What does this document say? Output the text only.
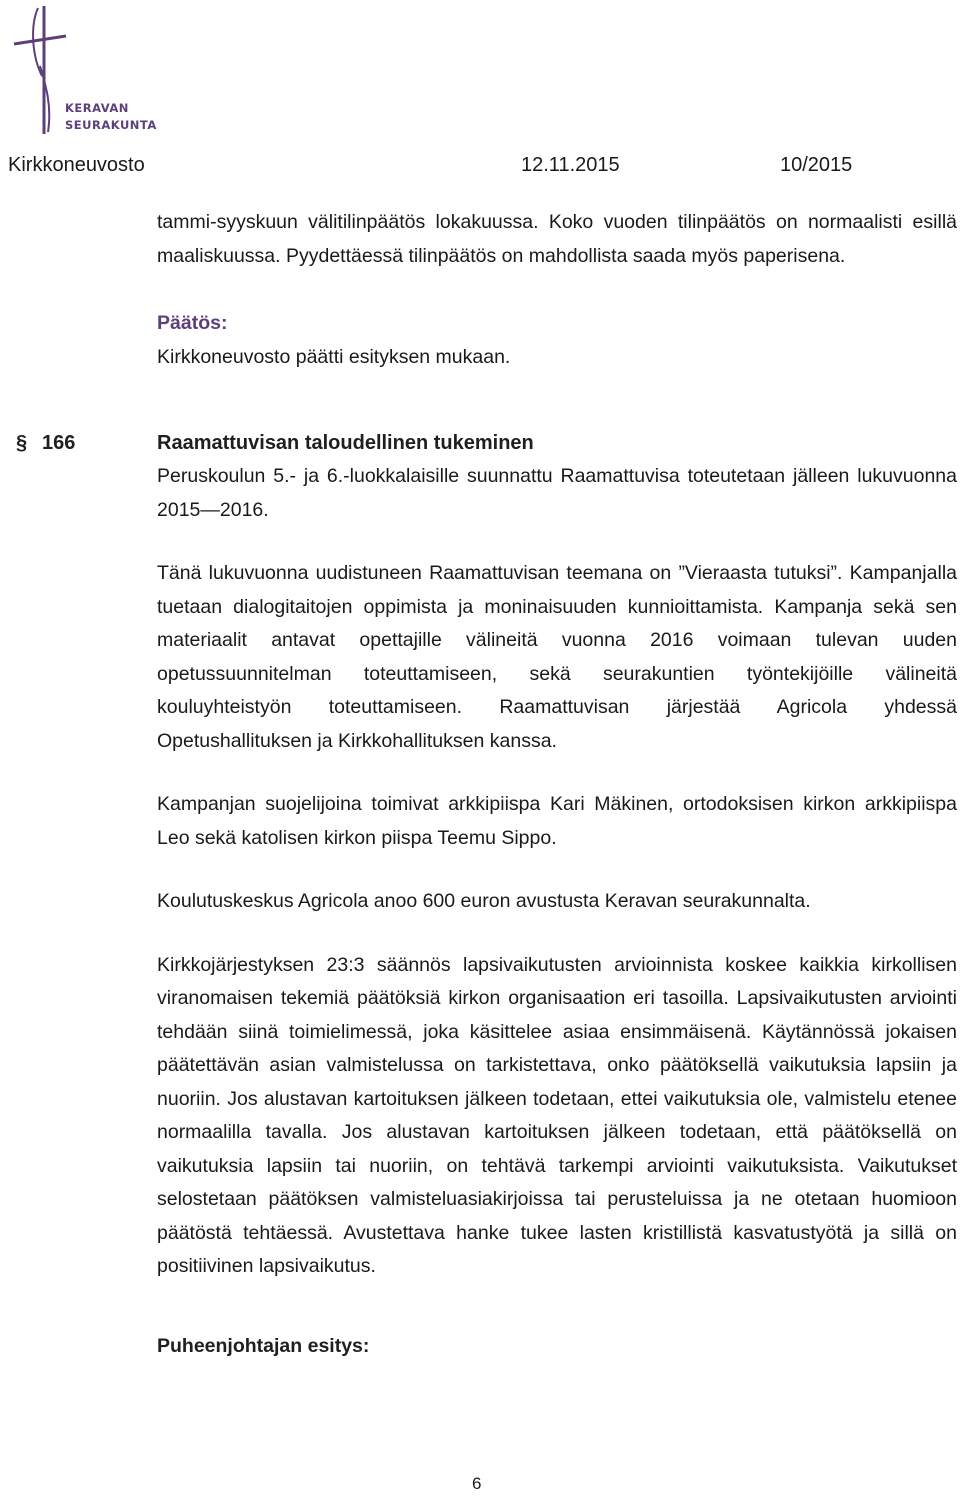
KERAVAN
SEURAKUNTA
Kirkkoneuvosto	12.11.2015	10/2015
§ 166	Raamattuvisan taloudellinen tukeminen

tammi-syyskuun välitilinpäätös lokakuussa. Koko vuoden tilinpäätös on normaalisti esillä maaliskuussa. Pyydettäessä tilinpäätös on mahdollista saada myös paperisena.

Päätös:

Kirkkoneuvosto päätti esityksen mukaan.

Peruskoulun 5.- ja 6.-luokkalaisille suunnattu Raamattuvisa toteutetaan jälleen lukuvuonna 2015—2016.

Tänä lukuvuonna uudistuneen Raamattuvisan teemana on ”Vieraasta tutuksi”. Kampanjalla tuetaan dialogitaitojen oppimista ja moninaisuuden kunnioittamista. Kampanja sekä sen materiaalit antavat opettajille välineitä vuonna 2016 voimaan tulevan uuden opetussuunnitelman toteuttamiseen, sekä seurakuntien työntekijöille välineitä kouluyhteistyön toteuttamiseen. Raamattuvisan järjestää Agricola yhdessä Opetushallituksen ja Kirkkohallituksen kanssa.

Kampanjan suojelijoina toimivat arkkipiispa Kari Mäkinen, ortodoksisen kirkon arkkipiispa Leo sekä katolisen kirkon piispa Teemu Sippo.

Koulutuskeskus Agricola anoo 600 euron avustusta Keravan seurakunnalta.

Kirkkojärjestyksen 23:3 säännös lapsivaikutusten arvioinnista koskee kaikkia kirkollisen viranomaisen tekemiä päätöksiä kirkon organisaation eri tasoilla. Lapsivaikutusten arviointi tehdään siinä toimielimessä, joka käsittelee asiaa ensimmäisenä. Käytännössä jokaisen päätettävän asian valmistelussa on tarkistettava, onko päätöksellä vaikutuksia lapsiin ja nuoriin. Jos alustavan kartoituksen jälkeen todetaan, ettei vaikutuksia ole, valmistelu etenee normaalilla tavalla. Jos alustavan kartoituksen jälkeen todetaan, että päätöksellä on vaikutuksia lapsiin tai nuoriin, on tehtävä tarkempi arviointi vaikutuksista. Vaikutukset selostetaan päätöksen valmisteluasiakirjoissa tai perusteluissa ja ne otetaan huomioon päätöstä tehtäessä. Avustettava hanke tukee lasten kristillistä kasvatustyötä ja sillä on positiivinen lapsivaikutus.

Puheenjohtajan esitys:

6
